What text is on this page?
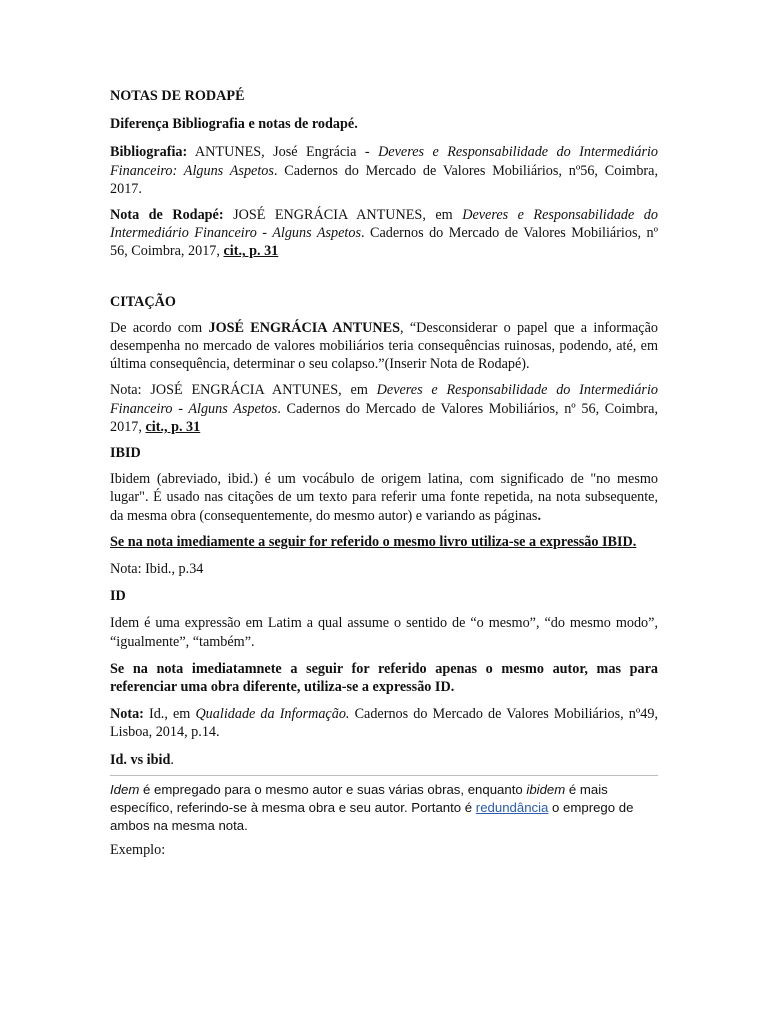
NOTAS DE RODAPÉ

Diferença Bibliografia e notas de rodapé.

Bibliografia: ANTUNES, José Engrácia - Deveres e Responsabilidade do Intermediário Financeiro: Alguns Aspetos. Cadernos do Mercado de Valores Mobiliários, nº56, Coimbra, 2017.

Nota de Rodapé: JOSÉ ENGRÁCIA ANTUNES, em Deveres e Responsabilidade do Intermediário Financeiro - Alguns Aspetos. Cadernos do Mercado de Valores Mobiliários, nº 56, Coimbra, 2017, cit., p. 31

CITAÇÃO

De acordo com JOSÉ ENGRÁCIA ANTUNES, “Desconsiderar o papel que a informação desempenha no mercado de valores mobiliários teria consequências ruinosas, podendo, até, em última consequência, determinar o seu colapso.”(Inserir Nota de Rodapé).

Nota: JOSÉ ENGRÁCIA ANTUNES, em Deveres e Responsabilidade do Intermediário Financeiro - Alguns Aspetos. Cadernos do Mercado de Valores Mobiliários, nº 56, Coimbra, 2017, cit., p. 31

IBID

Ibidem (abreviado, ibid.) é um vocábulo de origem latina, com significado de "no mesmo lugar". É usado nas citações de um texto para referir uma fonte repetida, na nota subsequente, da mesma obra (consequentemente, do mesmo autor) e variando as páginas.

Se na nota imediamente a seguir for referido o mesmo livro utiliza-se a expressão IBID.

Nota: Ibid., p.34

ID

Idem é uma expressão em Latim a qual assume o sentido de “o mesmo”, “do mesmo modo”, “igualmente”, “também”.

Se na nota imediatamnete a seguir for referido apenas o mesmo autor, mas para referenciar uma obra diferente, utiliza-se a expressão ID.

Nota: Id., em Qualidade da Informação. Cadernos do Mercado de Valores Mobiliários, nº49, Lisboa, 2014, p.14.

Id. vs ibid.

Idem é empregado para o mesmo autor e suas várias obras, enquanto ibidem é mais específico, referindo-se à mesma obra e seu autor. Portanto é redundância o emprego de ambos na mesma nota.

Exemplo:
